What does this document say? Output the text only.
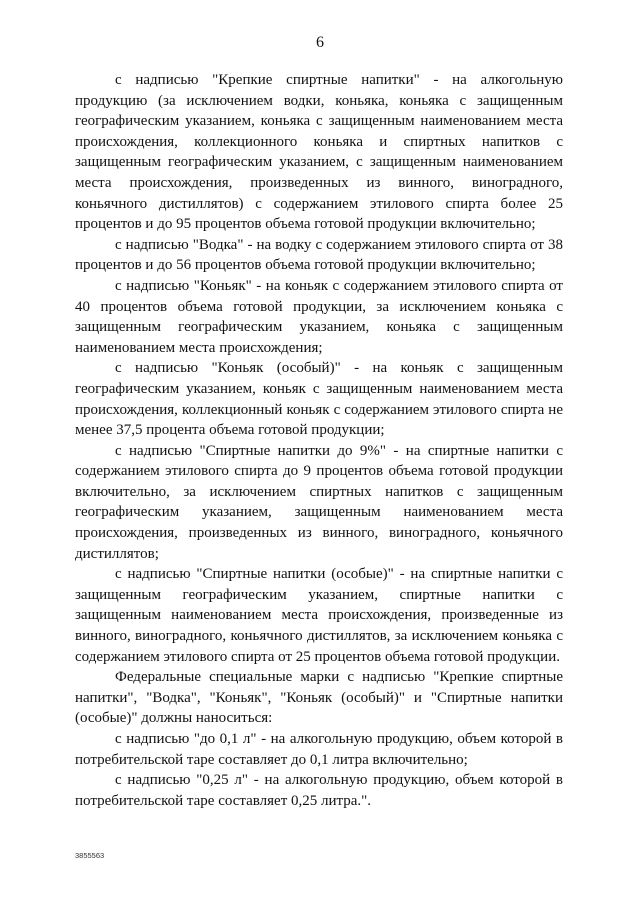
6

с надписью "Крепкие спиртные напитки" - на алкогольную продукцию (за исключением водки, коньяка, коньяка с защищенным географическим указанием, коньяка с защищенным наименованием места происхождения, коллекционного коньяка и спиртных напитков с защищенным географическим указанием, с защищенным наименованием места происхождения, произведенных из винного, виноградного, коньячного дистиллятов) с содержанием этилового спирта более 25 процентов и до 95 процентов объема готовой продукции включительно;

с надписью "Водка" - на водку с содержанием этилового спирта от 38 процентов и до 56 процентов объема готовой продукции включительно;

с надписью "Коньяк" - на коньяк с содержанием этилового спирта от 40 процентов объема готовой продукции, за исключением коньяка с защищенным географическим указанием, коньяка с защищенным наименованием места происхождения;

с надписью "Коньяк (особый)" - на коньяк с защищенным географическим указанием, коньяк с защищенным наименованием места происхождения, коллекционный коньяк с содержанием этилового спирта не менее 37,5 процента объема готовой продукции;

с надписью "Спиртные напитки до 9%" - на спиртные напитки с содержанием этилового спирта до 9 процентов объема готовой продукции включительно, за исключением спиртных напитков с защищенным географическим указанием, защищенным наименованием места происхождения, произведенных из винного, виноградного, коньячного дистиллятов;

с надписью "Спиртные напитки (особые)" - на спиртные напитки с защищенным географическим указанием, спиртные напитки с защищенным наименованием места происхождения, произведенные из винного, виноградного, коньячного дистиллятов, за исключением коньяка с содержанием этилового спирта от 25 процентов объема готовой продукции.

Федеральные специальные марки с надписью "Крепкие спиртные напитки", "Водка", "Коньяк", "Коньяк (особый)" и "Спиртные напитки (особые)" должны наноситься:

с надписью "до 0,1 л" - на алкогольную продукцию, объем которой в потребительской таре составляет до 0,1 литра включительно;

с надписью "0,25 л" - на алкогольную продукцию, объем которой в потребительской таре составляет 0,25 литра.".

3855563
